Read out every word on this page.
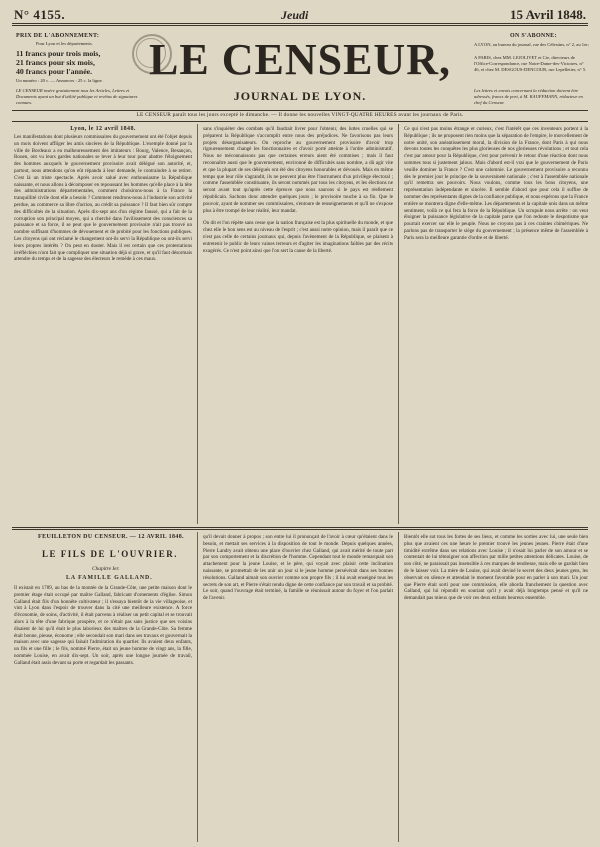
N° 4155.	Jeudi	15 Avril 1848.
PRIX DE L'ABONNEMENT:
Pour Lyon et les départements.
11 francs pour trois mois,
21 francs pour six mois,
40 francs pour l'année.
Un numéro : 20 c. — Annonces : 25 c. la ligne.
LE CENSEUR insère gratuitement tous les Articles, Lettres et Documents ayant un but d'utilité publique et revêtus de signatures connues.
LE CENSEUR,
JOURNAL DE LYON.
ON S'ABONNE:
A LYON, au bureau du journal, rue des Célestins, n° 2, au 1er;
A PARIS, chez MM. LEJOLIVET et Cie, directeurs de l'Office-Correspondance, rue Notre-Dame-des-Victoires, n° 46, et chez M. DESGOUS-DENCOUR, rue Lepelletier, n° 5.
Les lettres et envois concernant la rédaction doivent être adressés, francs de port, à M. KAUFFMANN, rédacteur en chef du Censeur.
LE CENSEUR paraît tous les jours excepté le dimanche. — Il donne les nouvelles VINGT-QUATRE HEURES avant les journaux de Paris.

Lyon, le 12 avril 1848.

Les manifestations dont plusieurs commissaires du gouvernement ont été l'objet depuis un mois doivent affliger les amis sincères de la République. L'exemple donné par la ville de Bordeaux a eu malheureusement des imitateurs : Bourg, Valence, Besançon, Rouen, ont vu leurs gardes nationales se lever à leur tour pour abattre l'éloignement des hommes auxquels le gouvernement provisoire avait délégué son autorité, et, partout, nous attendons qu'on eût répandu à leur demande, le contraindre à se retirer. C'est là un triste spectacle. Après avoir salué avec enthousiasme la République naissante, et nous allons à décomposer en repoussant les hommes qu'elle place à la tête des administrations départementales, comment choisirons-nous à la France la tranquillité civile dont elle a besoin ? Comment rendrons-nous à l'industrie son activité perdue, au commerce sa libre d'action, au crédit sa puissance ? Il faut bien sûr compte des difficultés de la situation. Après dix-sept ans d'un régime faussé, qui a fait de la corruption son principal moyen, qui a cherché dans l'avilissement des consciences sa puissance et sa force, il se peut que le gouvernement provisoire n'ait pas trouvé un nombre suffisant d'hommes de dévouement et de probité pour les fonctions publiques. Les citoyens qui ont réclamé le changement ont-ils servi la République ou ont-ils servi leurs propres intérêts ? On peut en douter. Mais il est certain que ces protestations irréfléchies n'ont fait que compliquer une situation déjà si grave, et qu'il faut désormais attendre du temps et de la sagesse des électeurs le remède à ces maux.

sans s'inquiéter des combats qu'il faudrait livrer pour l'obtenir, des luttes cruelles qui se préparent la République s'accomplit entre nous des préjudices. Ne favorisons pas leurs projets désorganisateurs. On reproche au gouvernement provisoire d'avoir trop rigoureusement changé les fonctionnaires et d'avoir porté atteinte à l'ordre administratif. Nous ne méconnaissons pas que certaines erreurs aient été commises ; mais il faut reconnaître aussi que le gouvernement, environné de difficultés sans nombre, a dû agir vite et que la plupart de ses délégués ont été des citoyens honorables et dévoués. Mais en même temps que leur rôle s'agrandit, ils ne peuvent plus être l'instrument d'un privilège électoral ; comme l'assemblée constituante, ils seront nommés par tous les citoyens, et les élections ne seront avant tout qu'après cette épreuve que nous saurons si le pays est réellement républicain. Sachons donc attendre quelques jours ; le provisoire touche à sa fin. Que le pouvoir, ayant de nommer ses commissaires, s'entoure de renseignements et qu'il ne s'expose plus à être trompé de leur réalité, leur mandat.

On dit et l'on répète sans cesse que la nation française est la plus spirituelle du monde, et que chez elle le bon sens est au niveau de l'esprit ; c'est aussi notre opinion, mais il paraît que ce n'est pas celle de certains journaux qui, depuis l'avènement de la République, se plaisent à entretenir le public de leurs vaines terreurs et d'agiter les imaginations faibles par des récits exagérés. Ce n'est point ainsi que l'on sert la cause de la liberté.

Ce qui n'est pas moins étrange et curieux, c'est l'intérêt que ces inventeurs portent à la République ; ils ne proposent rien moins que la séparation de l'empire, le morcellement de notre unité, son anéantissement moral, la division de la France, dont Paris à qui nous devons toutes les conquêtes les plus glorieuses de nos glorieuses révolutions ; et tout cela c'est par amour pour la République, c'est pour prévenir le retour d'une réaction dont nous sommes tous si justement jaloux. Mais d'abord est-il vrai que le gouvernement de Paris veuille dominer la France ? C'est une calomnie. Le gouvernement provisoire a reconnu dès le premier jour le principe de la souveraineté nationale ; c'est à l'assemblée nationale qu'il remettra ses pouvoirs. Nous voulons, comme tous les bons citoyens, une représentation indépendante et sincère. Il semble d'abord que pour cela il suffise de nommer des représentants dignes de la confiance publique, et nous espérons que la France entière se montrera digne d'elle-même. Les départements et la capitale unis dans un même sentiment, voilà ce qui fera la force de la République. Un scrupule nous arrête : on veut éloigner la puissance législative de la capitale parce que l'on redoute le despotisme que pourrait exercer sur elle le peuple. Nous ne croyons pas à ces craintes chimériques. Ne parlons pas de transporter le siège du gouvernement ; la présence même de l'assemblée à Paris sera la meilleure garantie d'ordre et de liberté.

FEUILLETON DU CENSEUR. — 12 AVRIL 1848.
LE FILS DE L'OUVRIER.
Chapitre Ier.
LA FAMILLE GALLAND.

Il existait en 1789, au bas de la montée de la Grande-Côte, une petite maison dont le premier étage était occupé par maître Galland, fabricant d'ornements d'église. Simon Galland était fils d'un honnête cultivateur ; il s'essaya bientôt de la vie villageoise, et vint à Lyon dans l'espoir de trouver dans la cité une meilleure existence. A force d'économie, de soins, d'activité, il était parvenu à réaliser un petit capital et se trouvait alors à la tête d'une fabrique prospère, et ce n'était pas sans justice que ses voisins disaient de lui qu'il était le plus laborieux des maîtres de la Grande-Côte. Sa femme était bonne, pieuse, économe ; elle secondait son mari dans ses travaux et gouvernait la maison avec une sagesse qui faisait l'admiration du quartier. Ils avaient deux enfants, un fils et une fille ; le fils, nommé Pierre, était un jeune homme de vingt ans, la fille, nommée Louise, en avait dix-sept. Un soir, après une longue journée de travail, Galland était assis devant sa porte et regardait les passants.

qu'il devait donner à propos ; son entre lui il prononçait de l'avoir à cœur qu'étaient dans le besoin, et mettait ses services à la disposition de tout le monde. Depuis quelques années, Pierre Landry avait obtenu une place d'ouvrier chez Galland, qui avait mérité de toute part par son comportement et la discrétion de l'homme. Cependant tout le monde remarquait son attachement pour la jeune Louise, et le père, qui voyait avec plaisir cette inclination naissante, se promettait de les unir un jour si le jeune homme persévérait dans ses bonnes résolutions. Galland aimait son ouvrier comme son propre fils ; il lui avait enseigné tous les secrets de son art, et Pierre s'était rendu digne de cette confiance par son travail et sa probité. Le soir, quand l'ouvrage était terminé, la famille se réunissait autour du foyer et l'on parlait de l'avenir.

Bientôt elle sut tous les fortes de ses lieux, et comme les sorties avec lui, une seule bien plus que avaient ces une heure le premier trouvé les jeunes jeunes. Pierre était d'une timidité extrême dans ses relations avec Louise ; il n'osait lui parler de son amour et se contentait de lui témoigner son affection par mille petites attentions délicates. Louise, de son côté, ne paraissait pas insensible à ces marques de tendresse, mais elle se gardait bien de le laisser voir. La mère de Louise, qui avait deviné le secret des deux jeunes gens, les observait en silence et attendait le moment favorable pour en parler à son mari. Un jour que Pierre était sorti pour une commission, elle aborda franchement la question avec Galland, qui lui répondit en souriant qu'il y avait déjà longtemps pensé et qu'il ne demandait pas mieux que de voir ces deux enfants heureux ensemble.
